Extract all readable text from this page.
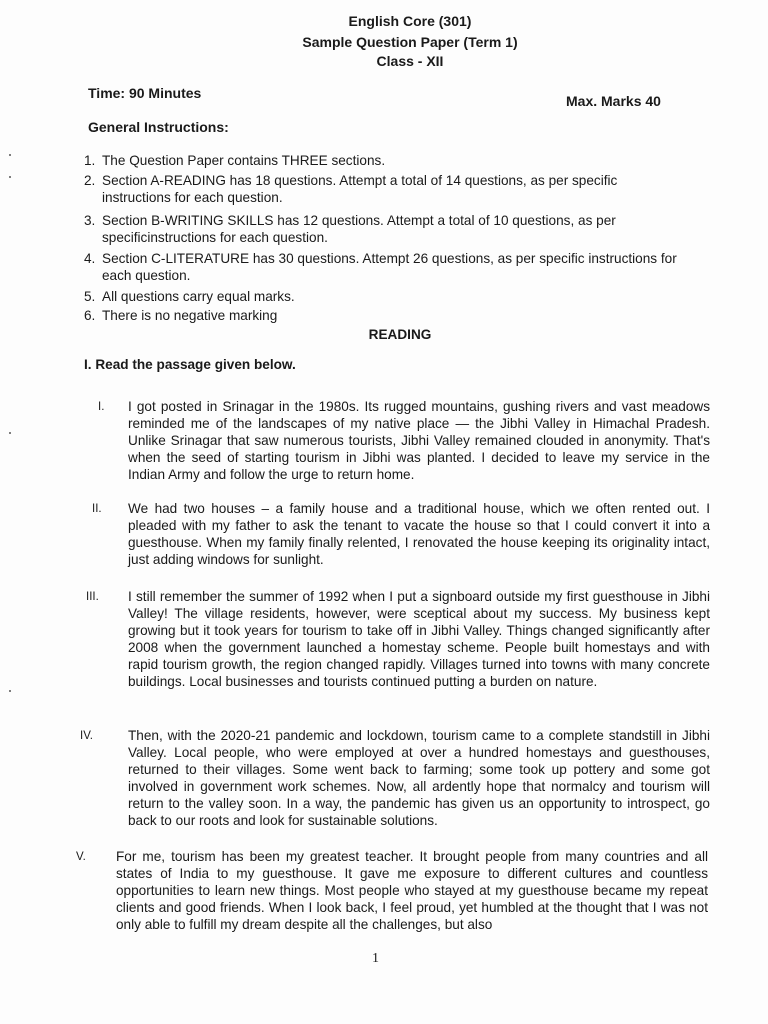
English Core (301)
Sample Question Paper (Term 1)
Class - XII
Time: 90 Minutes	Max. Marks 40
General Instructions:
1. The Question Paper contains THREE sections.
2. Section A-READING has 18 questions. Attempt a total of 14 questions, as per specific
instructions for each question.
3. Section B-WRITING SKILLS has 12 questions. Attempt a total of 10 questions, as per
specificinstructions for each question.
4. Section C-LITERATURE has 30 questions. Attempt 26 questions, as per specific instructions for
each question.
5. All questions carry equal marks.
6. There is no negative marking
READING
I. Read the passage given below.
I. I got posted in Srinagar in the 1980s. Its rugged mountains, gushing rivers and vast meadows reminded me of the landscapes of my native place — the Jibhi Valley in Himachal Pradesh. Unlike Srinagar that saw numerous tourists, Jibhi Valley remained clouded in anonymity. That's when the seed of starting tourism in Jibhi was planted. I decided to leave my service in the Indian Army and follow the urge to return home.
II. We had two houses – a family house and a traditional house, which we often rented out. I pleaded with my father to ask the tenant to vacate the house so that I could convert it into a guesthouse. When my family finally relented, I renovated the house keeping its originality intact, just adding windows for sunlight.
III. I still remember the summer of 1992 when I put a signboard outside my first guesthouse in Jibhi Valley! The village residents, however, were sceptical about my success. My business kept growing but it took years for tourism to take off in Jibhi Valley. Things changed significantly after 2008 when the government launched a homestay scheme. People built homestays and with rapid tourism growth, the region changed rapidly. Villages turned into towns with many concrete buildings. Local businesses and tourists continued putting a burden on nature.
IV.	Then, with the 2020-21 pandemic and lockdown, tourism came to a complete standstill in Jibhi Valley. Local people, who were employed at over a hundred homestays and guesthouses, returned to their villages. Some went back to farming; some took up pottery and some got involved in government work schemes. Now, all ardently hope that normalcy and tourism will return to the valley soon. In a way, the pandemic has given us an opportunity to introspect, go back to our roots and look for sustainable solutions.
V. For me, tourism has been my greatest teacher. It brought people from many countries and all states of India to my guesthouse. It gave me exposure to different cultures and countless opportunities to learn new things. Most people who stayed at my guesthouse became my repeat clients and good friends. When I look back, I feel proud, yet humbled at the thought that I was not only able to fulfill my dream despite all the challenges, but also
1
